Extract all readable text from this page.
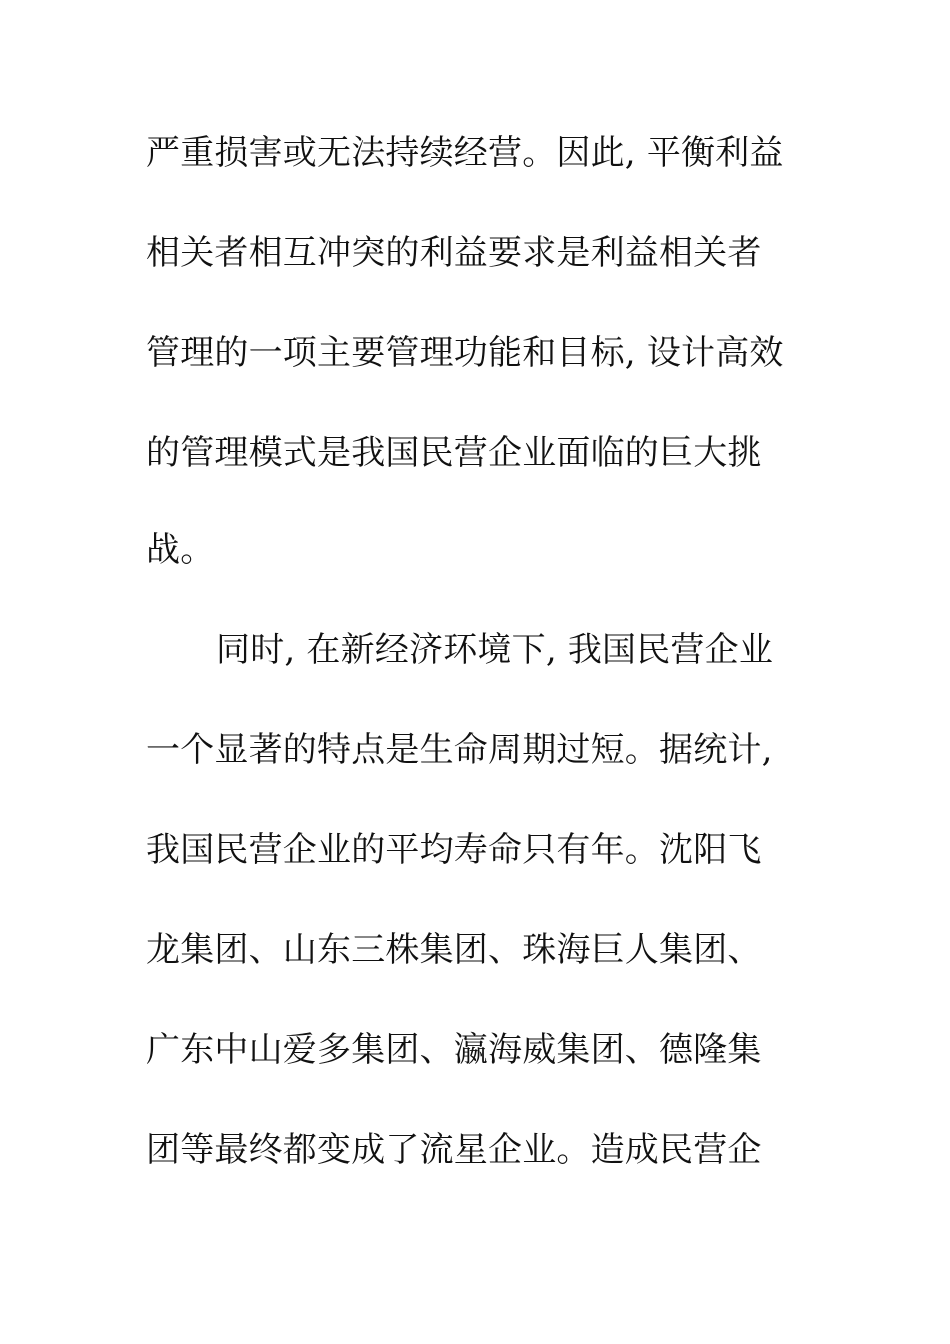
严重损害或无法持续经营。因此, 平衡利益
相关者相互冲突的利益要求是利益相关者
管理的一项主要管理功能和目标, 设计高效
的管理模式是我国民营企业面临的巨大挑
战。
同时, 在新经济环境下, 我国民营企业
一个显著的特点是生命周期过短。据统计,
我国民营企业的平均寿命只有年。沈阳飞
龙集团、山东三株集团、珠海巨人集团、
广东中山爱多集团、瀛海威集团、德隆集
团等最终都变成了流星企业。造成民营企
